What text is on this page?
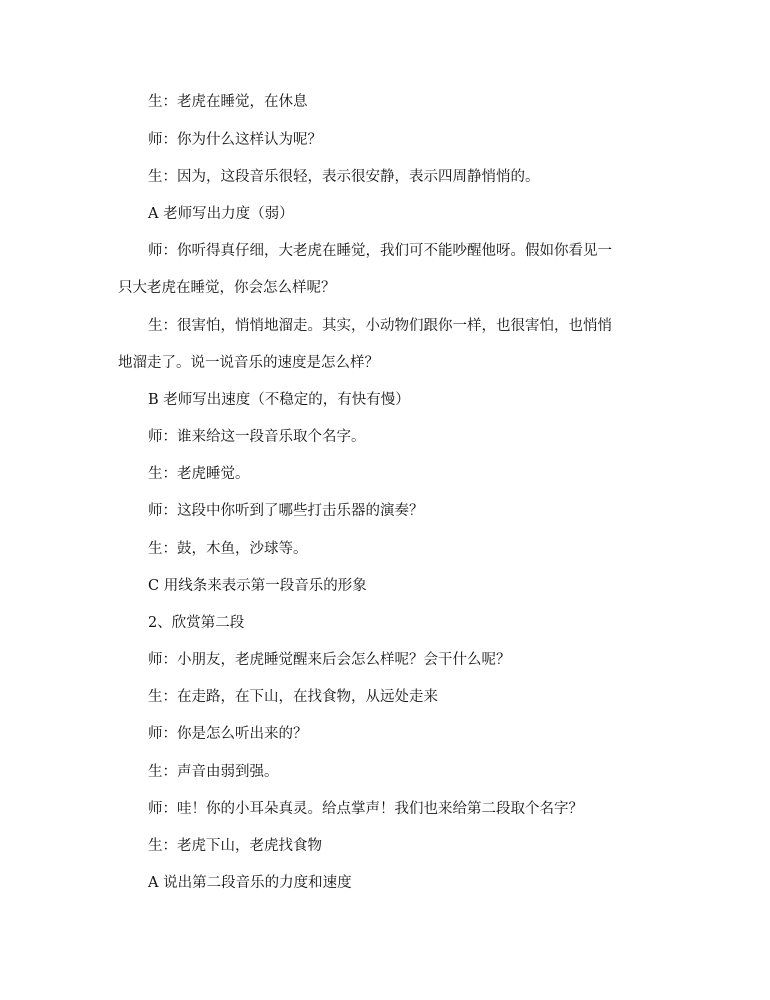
生：老虎在睡觉，在休息
师：你为什么这样认为呢？
生：因为，这段音乐很轻，表示很安静，表示四周静悄悄的。
A 老师写出力度（弱）
师：你听得真仔细，大老虎在睡觉，我们可不能吵醒他呀。假如你看见一
只大老虎在睡觉，你会怎么样呢？
生：很害怕，悄悄地溜走。其实，小动物们跟你一样，也很害怕，也悄悄
地溜走了。说一说音乐的速度是怎么样？
B 老师写出速度（不稳定的，有快有慢）
师：谁来给这一段音乐取个名字。
生：老虎睡觉。
师：这段中你听到了哪些打击乐器的演奏？
生：鼓，木鱼，沙球等。
C 用线条来表示第一段音乐的形象
2、欣赏第二段
师：小朋友，老虎睡觉醒来后会怎么样呢？会干什么呢？
生：在走路，在下山，在找食物，从远处走来
师：你是怎么听出来的？
生：声音由弱到强。
师：哇！你的小耳朵真灵。给点掌声！我们也来给第二段取个名字？
生：老虎下山，老虎找食物
A 说出第二段音乐的力度和速度
